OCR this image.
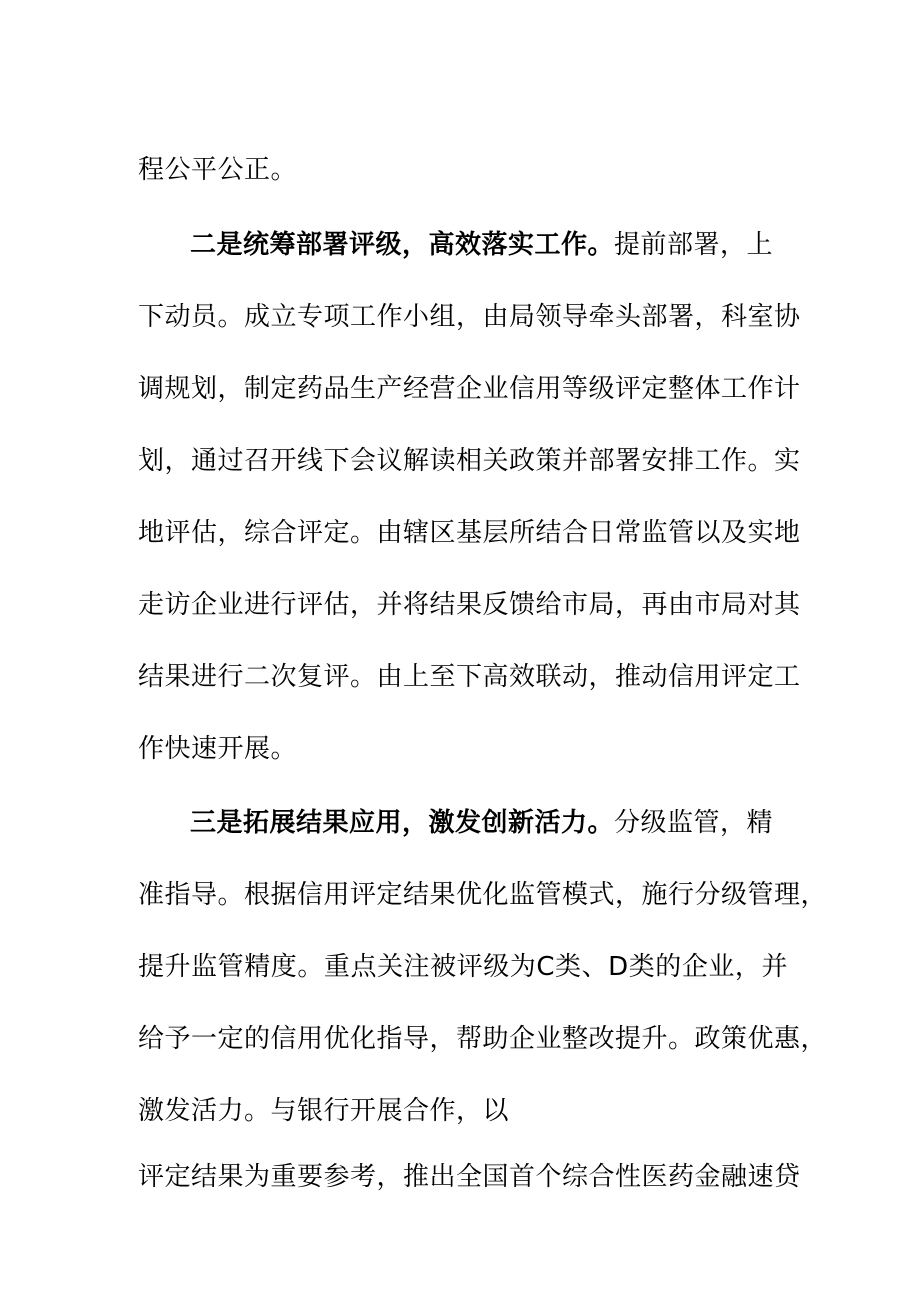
程公平公正。
二是统筹部署评级，高效落实工作。提前部署，上
下动员。成立专项工作小组，由局领导牵头部署，科室协
调规划，制定药品生产经营企业信用等级评定整体工作计
划，通过召开线下会议解读相关政策并部署安排工作。实
地评估，综合评定。由辖区基层所结合日常监管以及实地
走访企业进行评估，并将结果反馈给市局，再由市局对其
结果进行二次复评。由上至下高效联动，推动信用评定工
作快速开展。
三是拓展结果应用，激发创新活力。分级监管，精
准指导。根据信用评定结果优化监管模式，施行分级管理，
提升监管精度。重点关注被评级为C类、D类的企业，并
给予一定的信用优化指导，帮助企业整改提升。政策优惠，
激发活力。与银行开展合作，以
评定结果为重要参考，推出全国首个综合性医药金融速贷
